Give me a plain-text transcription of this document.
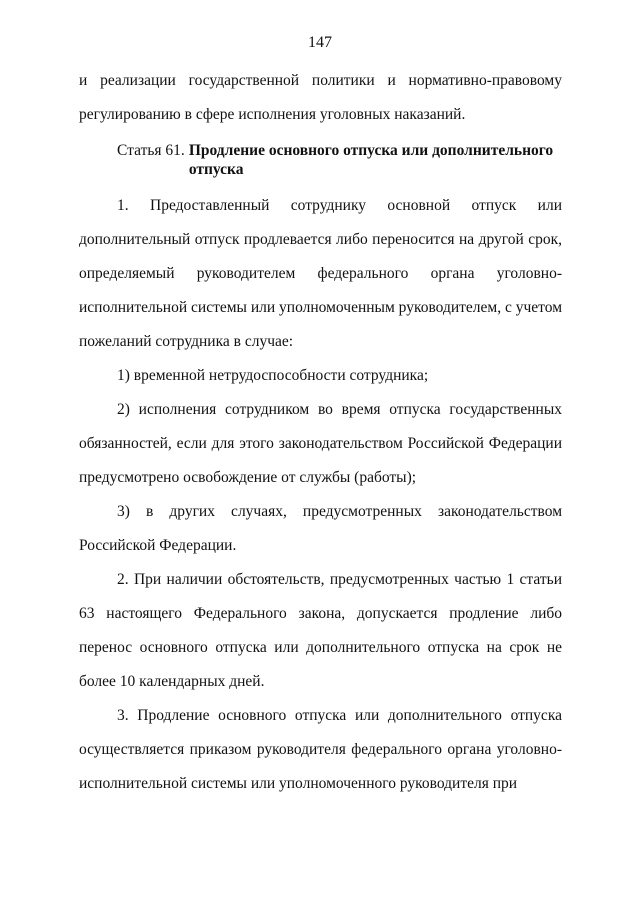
147

и реализации государственной политики и нормативно-правовому регулированию в сфере исполнения уголовных наказаний.

Статья 61. Продление основного отпуска или дополнительного отпуска

1. Предоставленный сотруднику основной отпуск или дополнительный отпуск продлевается либо переносится на другой срок, определяемый руководителем федерального органа уголовно-исполнительной системы или уполномоченным руководителем, с учетом пожеланий сотрудника в случае:

1) временной нетрудоспособности сотрудника;

2) исполнения сотрудником во время отпуска государственных обязанностей, если для этого законодательством Российской Федерации предусмотрено освобождение от службы (работы);

3) в других случаях, предусмотренных законодательством Российской Федерации.

2. При наличии обстоятельств, предусмотренных частью 1 статьи 63 настоящего Федерального закона, допускается продление либо перенос основного отпуска или дополнительного отпуска на срок не более 10 календарных дней.

3. Продление основного отпуска или дополнительного отпуска осуществляется приказом руководителя федерального органа уголовно-исполнительной системы или уполномоченного руководителя при
